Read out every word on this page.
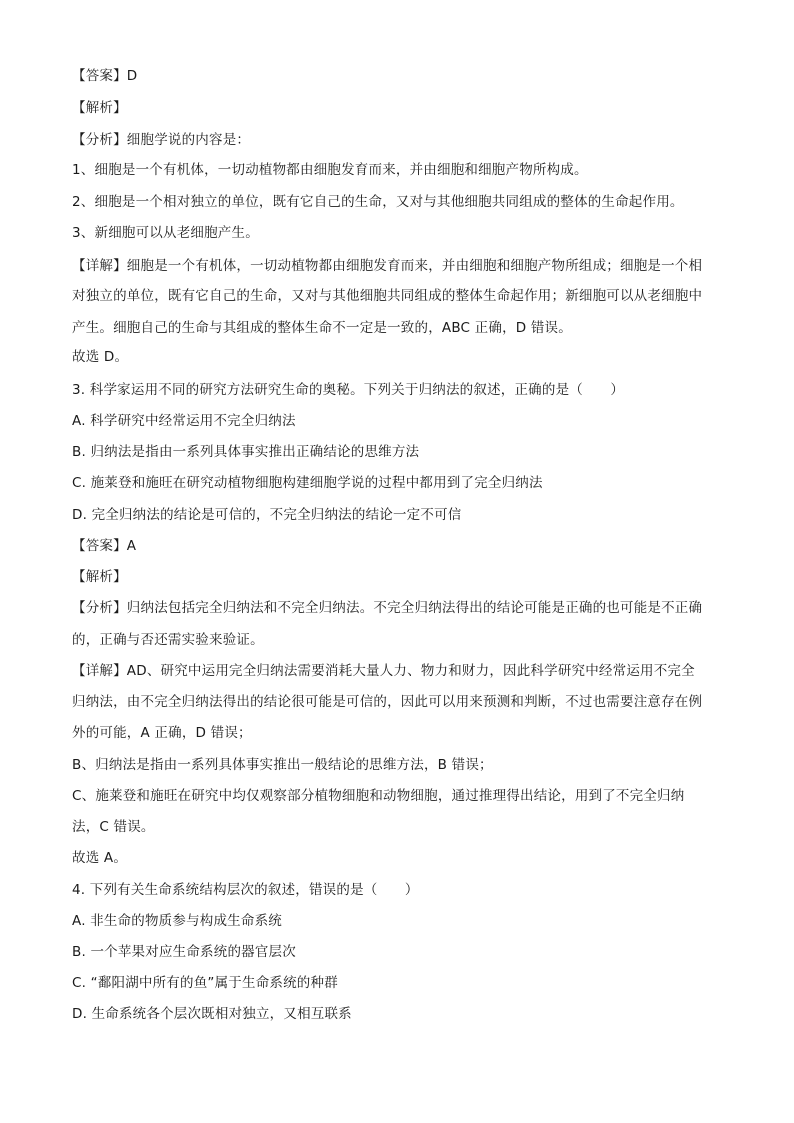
【答案】D
【解析】
【分析】细胞学说的内容是：
1、细胞是一个有机体，一切动植物都由细胞发育而来，并由细胞和细胞产物所构成。
2、细胞是一个相对独立的单位，既有它自己的生命，又对与其他细胞共同组成的整体的生命起作用。
3、新细胞可以从老细胞产生。
【详解】细胞是一个有机体，一切动植物都由细胞发育而来，并由细胞和细胞产物所组成；细胞是一个相
对独立的单位，既有它自己的生命，又对与其他细胞共同组成的整体生命起作用；新细胞可以从老细胞中
产生。细胞自己的生命与其组成的整体生命不一定是一致的，ABC 正确，D 错误。
故选 D。
3. 科学家运用不同的研究方法研究生命的奥秘。下列关于归纳法的叙述，正确的是（　　）
A. 科学研究中经常运用不完全归纳法
B. 归纳法是指由一系列具体事实推出正确结论的思维方法
C. 施莱登和施旺在研究动植物细胞构建细胞学说的过程中都用到了完全归纳法
D. 完全归纳法的结论是可信的，不完全归纳法的结论一定不可信
【答案】A
【解析】
【分析】归纳法包括完全归纳法和不完全归纳法。不完全归纳法得出的结论可能是正确的也可能是不正确
的，正确与否还需实验来验证。
【详解】AD、研究中运用完全归纳法需要消耗大量人力、物力和财力，因此科学研究中经常运用不完全
归纳法，由不完全归纳法得出的结论很可能是可信的，因此可以用来预测和判断，不过也需要注意存在例
外的可能，A 正确，D 错误；
B、归纳法是指由一系列具体事实推出一般结论的思维方法，B 错误；
C、施莱登和施旺在研究中均仅观察部分植物细胞和动物细胞，通过推理得出结论，用到了不完全归纳
法，C 错误。
故选 A。
4. 下列有关生命系统结构层次的叙述，错误的是（　　）
A. 非生命的物质参与构成生命系统
B. 一个苹果对应生命系统的器官层次
C. “鄱阳湖中所有的鱼”属于生命系统的种群
D. 生命系统各个层次既相对独立，又相互联系
